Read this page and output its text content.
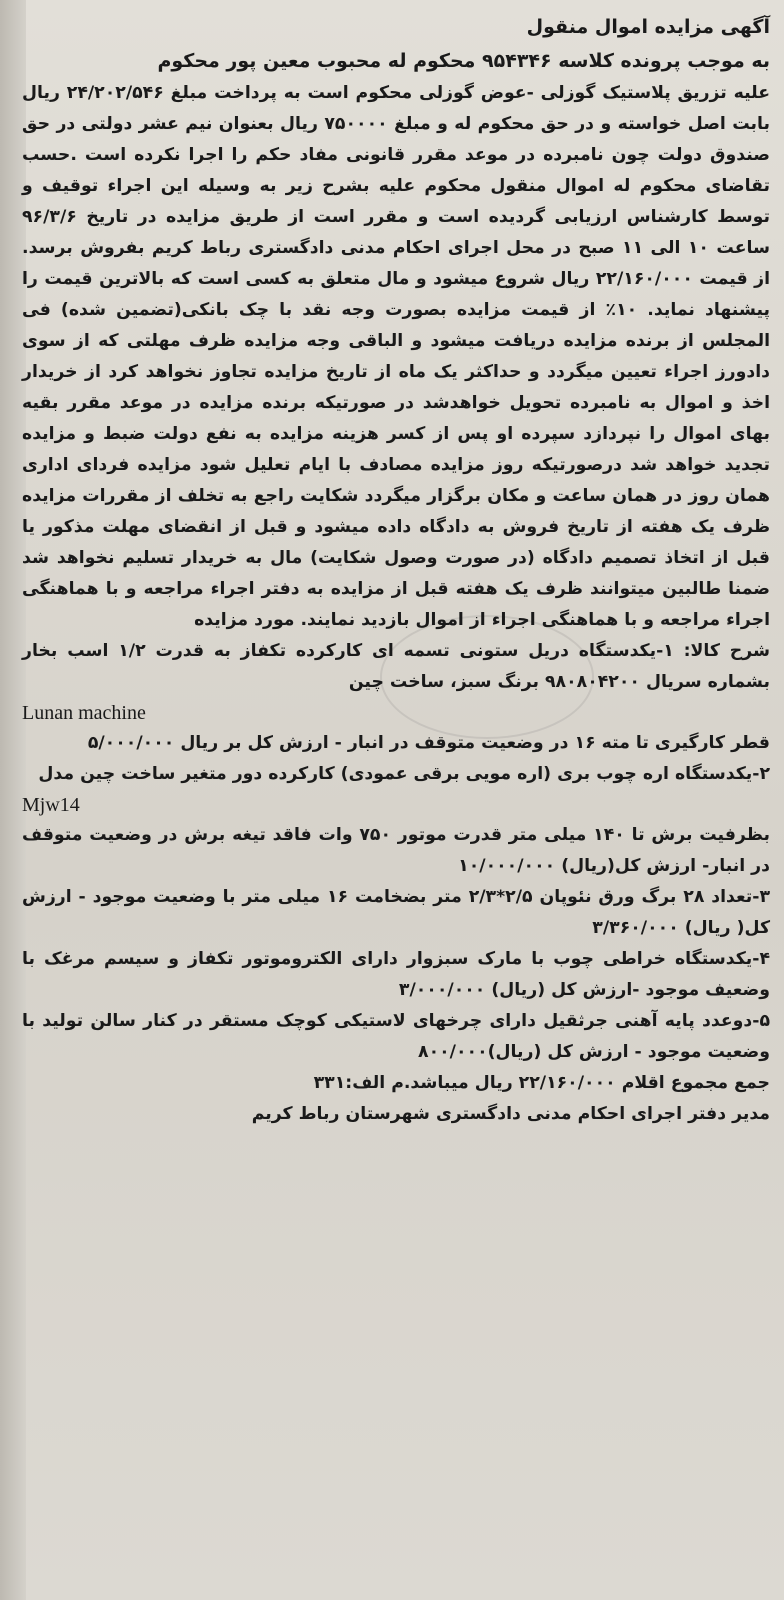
آگهی مزایده اموال منقول

به موجب پرونده کلاسه ۹۵۴۳۴۶ محکوم له محبوب معین پور محکوم

علیه تزریق پلاستیک گوزلی -عوض گوزلی محکوم است به پرداخت مبلغ ۲۴/۲۰۲/۵۴۶ ریال بابت اصل خواسته و در حق محکوم له و مبلغ ۷۵۰۰۰۰ ریال بعنوان نیم عشر دولتی در حق صندوق دولت چون نامبرده در موعد مقرر قانونی مفاد حکم را اجرا نکرده است .حسب تقاضای محکوم له اموال منقول محکوم علیه بشرح زیر به وسیله این اجراء توقیف و توسط کارشناس ارزیابی گردیده است و مقرر است از طریق مزایده در تاریخ ۹۶/۳/۶ ساعت ۱۰ الی ۱۱ صبح در محل اجرای احکام مدنی دادگستری رباط کریم بفروش برسد. از قیمت ۲۲/۱۶۰/۰۰۰ ریال شروع میشود و مال متعلق به کسی است که بالاترین قیمت را پیشنهاد نماید. ۱۰٪ از قیمت مزایده بصورت وجه نقد با چک بانکی(تضمین شده) فی المجلس از برنده مزایده دریافت میشود و الباقی وجه مزایده ظرف مهلتی که از سوی دادورز اجراء تعیین میگردد و حداکثر یک ماه از تاریخ مزایده تجاوز نخواهد کرد از خریدار اخذ و اموال به نامبرده تحویل خواهدشد در صورتیکه برنده مزایده در موعد مقرر بقیه بهای اموال را نپردازد سپرده او پس از کسر هزینه مزایده به نفع دولت ضبط و مزایده تجدید خواهد شد درصورتیکه روز مزایده مصادف با ایام تعلیل شود مزایده فردای اداری همان روز در همان ساعت و مکان برگزار میگردد شکایت راجع به تخلف از مقررات مزایده ظرف یک هفته از تاریخ فروش به دادگاه داده میشود و قبل از انقضای مهلت مذکور یا قبل از اتخاذ تصمیم دادگاه (در صورت وصول شکایت) مال به خریدار تسلیم نخواهد شد ضمنا طالبین میتوانند ظرف یک هفته قبل از مزایده به دفتر اجراء مراجعه و با هماهنگی اجراء مراجعه و با هماهنگی اجراء از اموال بازدید نمایند. مورد مزایده

شرح کالا: ۱-یکدستگاه دریل ستونی تسمه ای کارکرده تکفاز به قدرت ۱/۲ اسب بخار بشماره سریال ۹۸۰۸۰۴۲۰۰ برنگ سبز، ساخت چین

Lunan machine

قطر کارگیری تا مته ۱۶ در وضعیت متوقف در انبار - ارزش کل بر ریال ۵/۰۰۰/۰۰۰

۲-یکدستگاه اره چوب بری (اره مویی برقی عمودی) کارکرده دور متغیر ساخت چین مدل

Mjw14

بظرفیت برش تا ۱۴۰ میلی متر قدرت موتور ۷۵۰ وات فاقد تیغه برش در وضعیت متوقف در انبار- ارزش کل(ریال) ۱۰/۰۰۰/۰۰۰

۳-تعداد ۲۸ برگ ورق نئوپان ۲/۵*۲/۳ متر بضخامت ۱۶ میلی متر با وضعیت موجود - ارزش کل( ریال) ۳/۳۶۰/۰۰۰

۴-یکدستگاه خراطی چوب با مارک سبزوار دارای الکتروموتور تکفاز و سیسم مرغک با وضعیف موجود -ارزش کل (ریال) ۳/۰۰۰/۰۰۰

۵-دوعدد پایه آهنی جرثقیل دارای چرخهای لاستیکی کوچک مستقر در کنار سالن تولید با وضعیت موجود - ارزش کل (ریال)۸۰۰/۰۰۰

جمع مجموع اقلام ۲۲/۱۶۰/۰۰۰ ریال میباشد.م الف:۳۳۱

مدیر دفتر اجرای احکام مدنی دادگستری شهرستان رباط کریم
